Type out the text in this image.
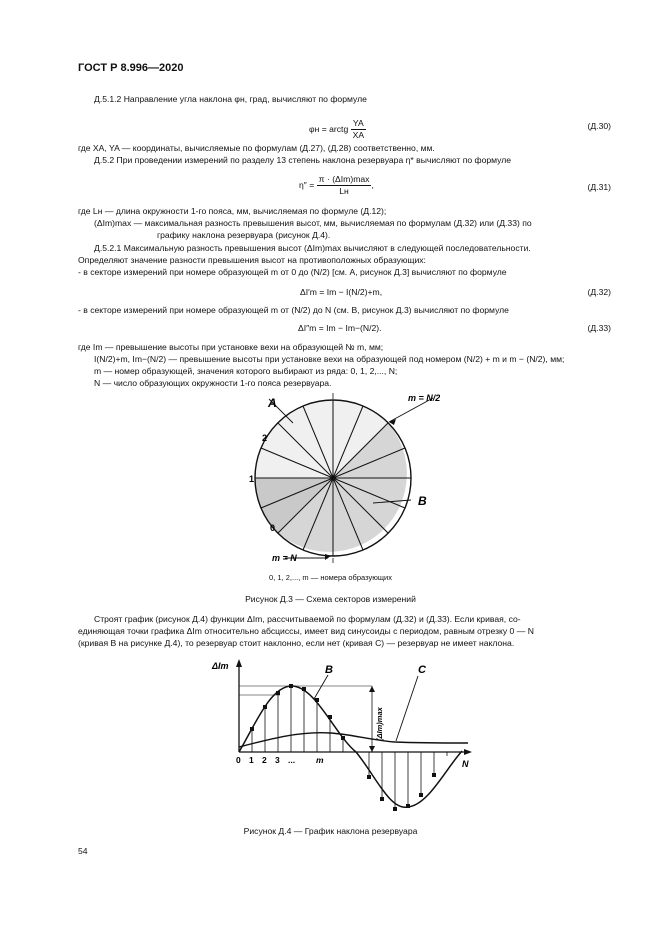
ГОСТ Р 8.996—2020
Д.5.1.2 Направление угла наклона φн, град, вычисляют по формуле
φн = arctg $\frac{YA}{XA}$	(Д.30)
где XA, YA — координаты, вычисляемые по формулам (Д.27), (Д.28) соответственно, мм.
Д.5.2 При проведении измерений по разделу 13 степень наклона резервуара η* вычисляют по формуле
$\eta'' = \frac{\text{π · (ΔIm)max}}{Lн}$ ,	(Д.31)
где Lн — длина окружности 1-го пояса, мм, вычисляемая по формуле (Д.12);
(ΔIm)max — максимальная разность превышения высот, мм, вычисляемая по формулам (Д.32) или (Д.33) по
графику наклона резервуара (рисунок Д.4).
Д.5.2.1 Максимальную разность превышения высот (ΔIm)max вычисляют в следующей последовательности.
Определяют значение разности превышения высот на противоположных образующих:
- в секторе измерений при номере образующей m от 0 до (N/2) [см. А, рисунок Д.3] вычисляют по формуле
ΔI′m = Im − I(N/2)+m,	(Д.32)
- в секторе измерений при номере образующей m от (N/2) до N (см. В, рисунок Д.3) вычисляют по формуле
ΔI″m = Im − Im−(N/2).	(Д.33)
где Im — превышение высоты при установке вехи на образующей № m, мм;
I(N/2)+m, Im−(N/2) — превышение высоты при установке вехи на образующей под номером (N/2) + m и m − (N/2), мм;
m — номер образующей, значения которого выбирают из ряда: 0, 1, 2,..., N;
N — число образующих окружности 1-го пояса резервуара.
A	m = N/2
B
m = N
2
1
0
0, 1, 2,..., m — номера образующих
Рисунок Д.3 — Схема секторов измерений
Строят график (рисунок Д.4) функции ΔIm, рассчитываемой по формулам (Д.32) и (Д.33). Если кривая, со-
единяющая точки графика ΔIm относительно абсциссы, имеет вид синусоиды с периодом, равным отрезку 0 — N
(кривая В на рисунке Д.4), то резервуар стоит наклонно, если нет (кривая С) — резервуар не имеет наклона.
ΔIm
N
(ΔIm)max
B	C
0 1 2 3 ... m
Рисунок Д.4 — График наклона резервуара
54
